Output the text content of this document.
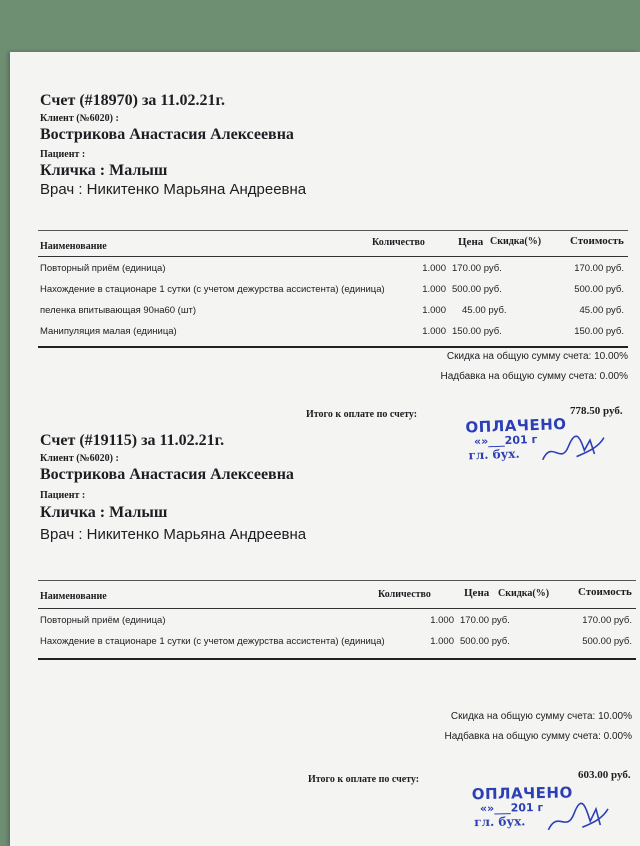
Счет (#18970) за 11.02.21г.
Клиент (№6020) :
Вострикова Анастасия Алексеевна
Пациент :
Кличка : Малыш
Врач : Никитенко Марьяна Андреевна
Наименование	Количество	Цена Скидка(%)	Стоимость
Повторный приём (единица)	1.000 170.00 руб.	170.00 руб.
Нахождение в стационаре 1 сутки (с учетом дежурства ассистента) (единица)	1.000 500.00 руб.	500.00 руб.
пеленка впитывающая 90на60 (шт)	1.000 45.00 руб.	45.00 руб.
Манипуляция малая (единица)	1.000 150.00 руб.	150.00 руб.
Скидка на общую сумму счета: 10.00%
Надбавка на общую сумму счета: 0.00%
Итого к оплате по счету:	778.50 руб.
ОПЛАЧЕНО
«»___201 г
гл. бух.
Счет (#19115) за 11.02.21г.
Клиент (№6020) :
Вострикова Анастасия Алексеевна
Пациент :
Кличка : Малыш
Врач : Никитенко Марьяна Андреевна
Наименование	Количество	Цена Скидка(%)	Стоимость
Повторный приём (единица)	1.000 170.00 руб.	170.00 руб.
Нахождение в стационаре 1 сутки (с учетом дежурства ассистента) (единица)	1.000 500.00 руб.	500.00 руб.
Скидка на общую сумму счета: 10.00%
Надбавка на общую сумму счета: 0.00%
Итого к оплате по счету:	603.00 руб.
ОПЛАЧЕНО
«»___201 г
гл. бух.
